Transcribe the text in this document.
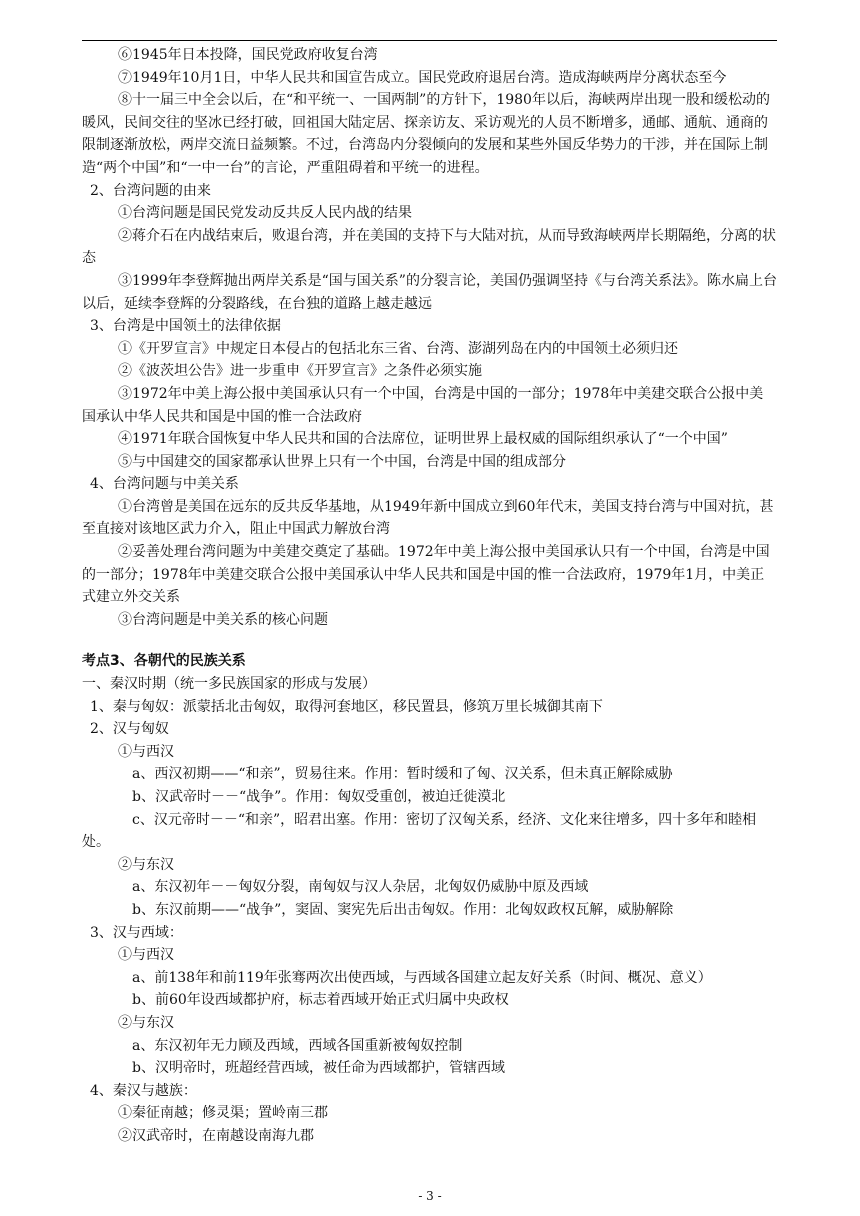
⑥1945年日本投降，国民党政府收复台湾
⑦1949年10月1日，中华人民共和国宣告成立。国民党政府退居台湾。造成海峡两岸分离状态至今
⑧十一届三中全会以后，在“和平统一、一国两制”的方针下，1980年以后，海峡两岸出现一股和缓松动的暖风，民间交往的坚冰已经打破，回祖国大陆定居、探亲访友、采访观光的人员不断增多，通邮、通航、通商的限制逐渐放松，两岸交流日益频繁。不过，台湾岛内分裂倾向的发展和某些外国反华势力的干涉，并在国际上制造“两个中国”和“一中一台”的言论，严重阻碍着和平统一的进程。
2、台湾问题的由来
①台湾问题是国民党发动反共反人民内战的结果
②蒋介石在内战结束后，败退台湾，并在美国的支持下与大陆对抗，从而导致海峡两岸长期隔绝，分离的状态
③1999年李登辉抛出两岸关系是“国与国关系”的分裂言论，美国仍强调坚持《与台湾关系法》。陈水扁上台以后，延续李登辉的分裂路线，在台独的道路上越走越远
3、台湾是中国领土的法律依据
①《开罗宣言》中规定日本侵占的包括北东三省、台湾、澎湖列岛在内的中国领土必须归还
②《波茨坦公告》进一步重申《开罗宣言》之条件必须实施
③1972年中美上海公报中美国承认只有一个中国，台湾是中国的一部分；1978年中美建交联合公报中美国承认中华人民共和国是中国的惟一合法政府
④1971年联合国恢复中华人民共和国的合法席位，证明世界上最权威的国际组织承认了“一个中国”
⑤与中国建交的国家都承认世界上只有一个中国，台湾是中国的组成部分
4、台湾问题与中美关系
①台湾曾是美国在远东的反共反华基地，从1949年新中国成立到60年代末，美国支持台湾与中国对抗，甚至直接对该地区武力介入，阻止中国武力解放台湾
②妥善处理台湾问题为中美建交奠定了基础。1972年中美上海公报中美国承认只有一个中国，台湾是中国的一部分；1978年中美建交联合公报中美国承认中华人民共和国是中国的惟一合法政府，1979年1月，中美正式建立外交关系
③台湾问题是中美关系的核心问题
考点3、各朝代的民族关系
一、秦汉时期（统一多民族国家的形成与发展）
1、秦与匈奴：派蒙括北击匈奴，取得河套地区，移民置县，修筑万里长城御其南下
2、汉与匈奴
①与西汉
a、西汉初期——“和亲”，贸易往来。作用：暂时缓和了匈、汉关系，但未真正解除威胁
b、汉武帝时－－“战争”。作用：匈奴受重创，被迫迁徙漠北
c、汉元帝时－－“和亲”，昭君出塞。作用：密切了汉匈关系，经济、文化来往增多，四十多年和睦相处。
②与东汉
a、东汉初年－－匈奴分裂，南匈奴与汉人杂居，北匈奴仍威胁中原及西域
b、东汉前期——“战争”，窦固、窦宪先后出击匈奴。作用：北匈奴政权瓦解，威胁解除
3、汉与西域：
①与西汉
a、前138年和前119年张骞两次出使西域，与西域各国建立起友好关系（时间、概况、意义）
b、前60年设西域都护府，标志着西域开始正式归属中央政权
②与东汉
a、东汉初年无力顾及西域，西域各国重新被匈奴控制
b、汉明帝时，班超经营西域，被任命为西域都护，管辖西域
4、秦汉与越族：
①秦征南越；修灵渠；置岭南三郡
②汉武帝时，在南越设南海九郡
- 3 -
